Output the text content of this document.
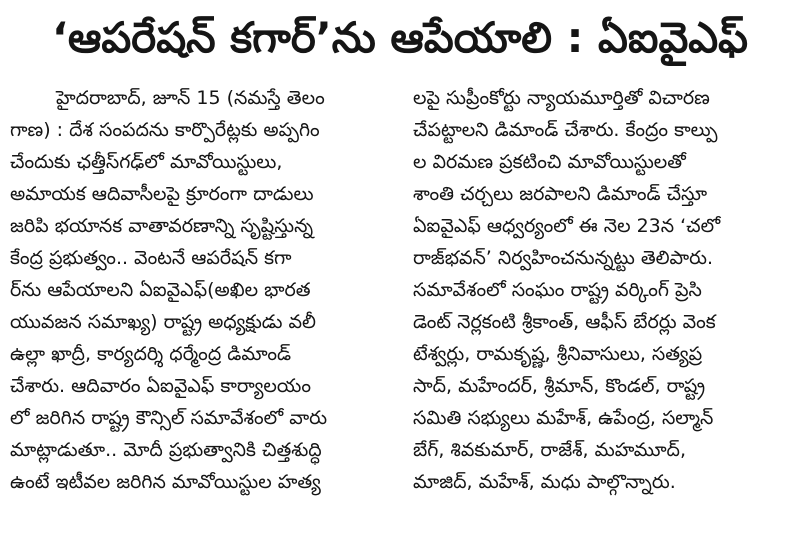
‘ఆపరేషన్ కగార్’ను ఆపేయాలి : ఏఐవైఎఫ్
హైదరాబాద్, జూన్ 15 (నమస్తే తెలం
గాణ) : దేశ సంపదను కార్పొరేట్లకు అప్పగిం
చేందుకు ఛత్తీస్‌గఢ్‌లో మావోయిస్టులు,
అమాయక ఆదివాసీలపై క్రూరంగా దాడులు
జరిపి భయానక వాతావరణాన్ని సృష్టిస్తున్న
కేంద్ర ప్రభుత్వం.. వెంటనే ఆపరేషన్ కగా
ర్‌ను ఆపేయాలని ఏఐవైఎఫ్(అఖిల భారత
యువజన సమాఖ్య) రాష్ట్ర అధ్యక్షుడు వలీ
ఉల్లా ఖాద్రీ, కార్యదర్శి ధర్మేంద్ర డిమాండ్
చేశారు. ఆదివారం ఏఐవైఎఫ్ కార్యాలయం
లో జరిగిన రాష్ట్ర కౌన్సిల్ సమావేశంలో వారు
మాట్లాడుతూ.. మోదీ ప్రభుత్వానికి చిత్తశుద్ధి
ఉంటే ఇటీవల జరిగిన మావోయిస్టుల హత్య
లపై సుప్రీంకోర్టు న్యాయమూర్తితో విచారణ
చేపట్టాలని డిమాండ్ చేశారు. కేంద్రం కాల్పు
ల విరమణ ప్రకటించి మావోయిస్టులతో
శాంతి చర్చలు జరపాలని డిమాండ్ చేస్తూ
ఏఐవైఎఫ్ ఆధ్వర్యంలో ఈ నెల 23న ‘చలో
రాజ్‌భవన్’ నిర్వహించనున్నట్టు తెలిపారు.
సమావేశంలో సంఘం రాష్ట్ర వర్కింగ్ ప్రెసి
డెంట్ నెర్లకంటి శ్రీకాంత్, ఆఫీస్ బేరర్లు వెంక
టేశ్వర్లు, రామకృష్ణ, శ్రీనివాసులు, సత్యప్ర
సాద్, మహేందర్, శ్రీమాన్, కొండల్, రాష్ట్ర
సమితి సభ్యులు మహేశ్, ఉపేంద్ర, సల్మాన్
బేగ్, శివకుమార్, రాజేశ్, మహమూద్,
మాజిద్, మహేశ్, మధు పాల్గొన్నారు.
